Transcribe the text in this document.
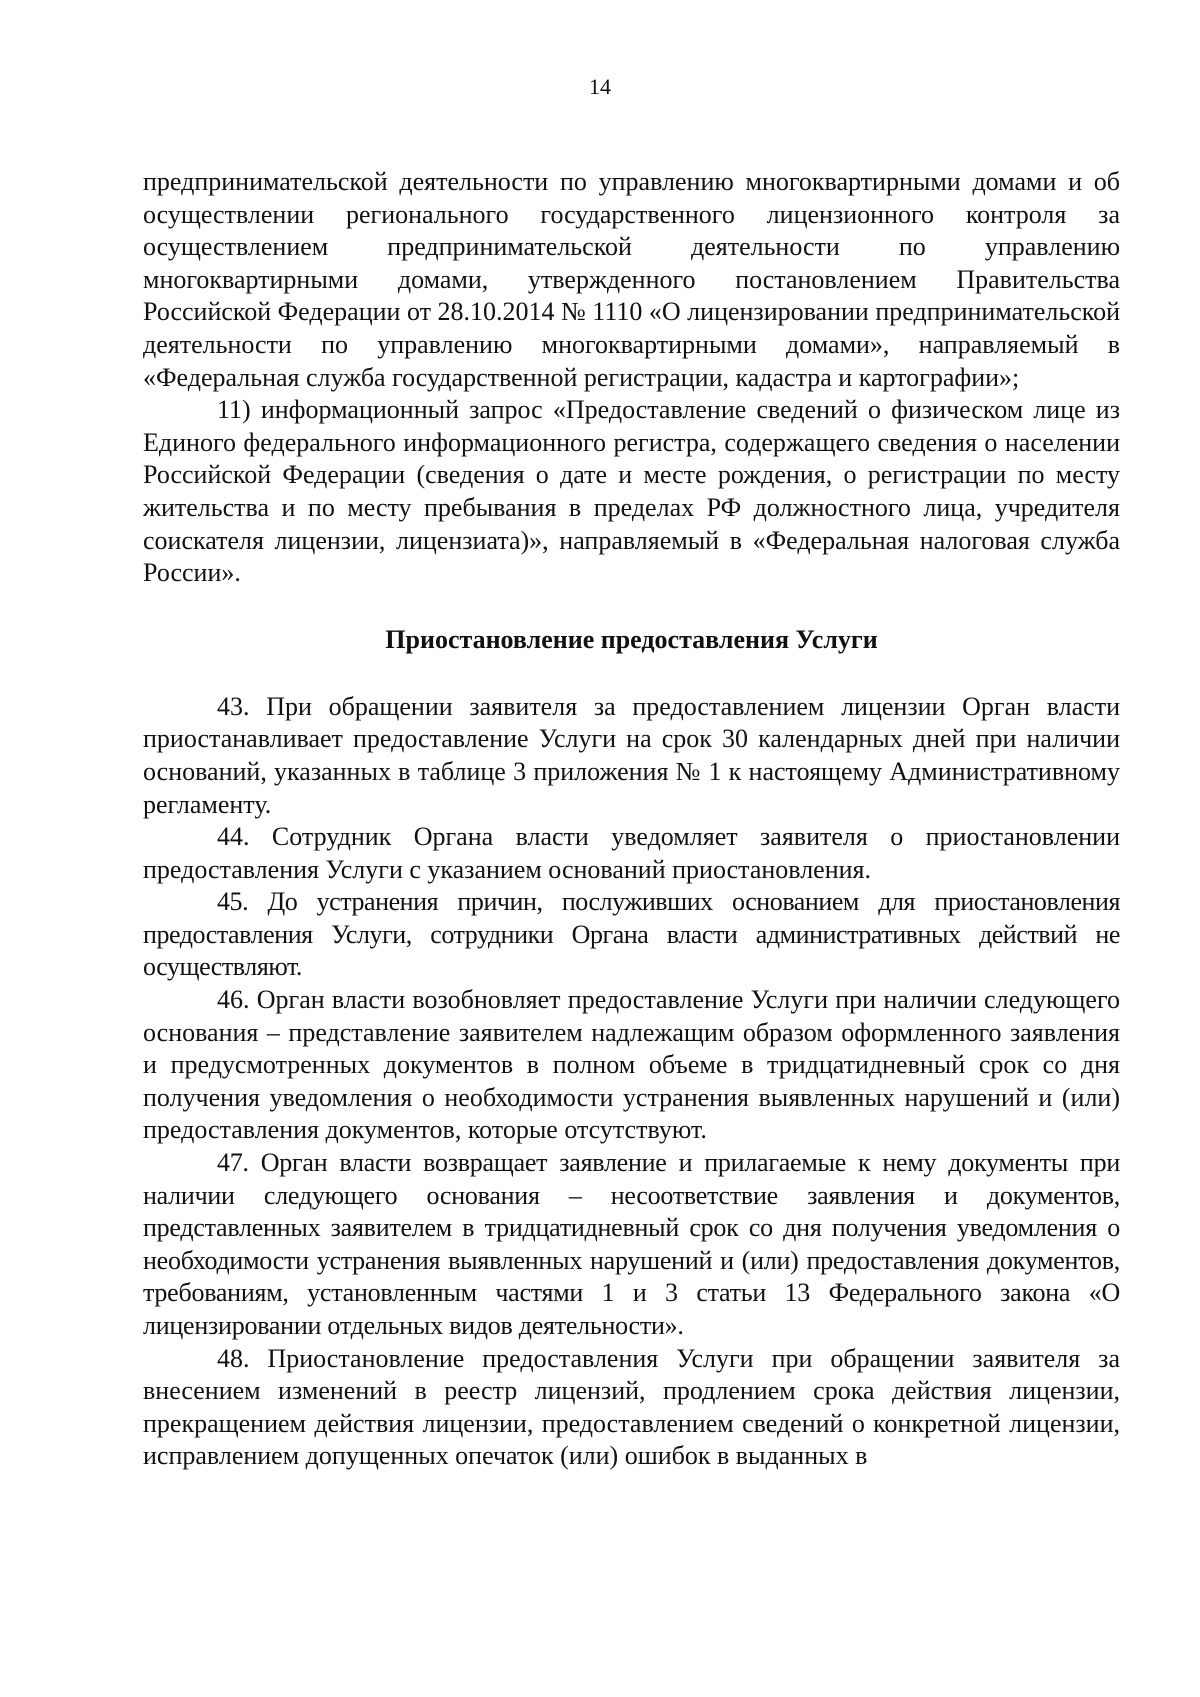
14

предпринимательской деятельности по управлению многоквартирными домами и об осуществлении регионального государственного лицензионного контроля за осуществлением предпринимательской деятельности по управлению многоквартирными домами, утвержденного постановлением Правительства Российской Федерации от 28.10.2014 № 1110 «О лицензировании предпринимательской деятельности по управлению многоквартирными домами», направляемый в «Федеральная служба государственной регистрации, кадастра и картографии»;

11) информационный запрос «Предоставление сведений о физическом лице из Единого федерального информационного регистра, содержащего сведения о населении Российской Федерации (сведения о дате и месте рождения, о регистрации по месту жительства и по месту пребывания в пределах РФ должностного лица, учредителя соискателя лицензии, лицензиата)», направляемый в «Федеральная налоговая служба России».

Приостановление предоставления Услуги

43. При обращении заявителя за предоставлением лицензии Орган власти приостанавливает предоставление Услуги на срок 30 календарных дней при наличии оснований, указанных в таблице 3 приложения № 1 к настоящему Административному регламенту.

44. Сотрудник Органа власти уведомляет заявителя о приостановлении предоставления Услуги с указанием оснований приостановления.

45. До устранения причин, послуживших основанием для приостановления предоставления Услуги, сотрудники Органа власти административных действий не осуществляют.

46. Орган власти возобновляет предоставление Услуги при наличии следующего основания – представление заявителем надлежащим образом оформленного заявления и предусмотренных документов в полном объеме в тридцатидневный срок со дня получения уведомления о необходимости устранения выявленных нарушений и (или) предоставления документов, которые отсутствуют.

47. Орган власти возвращает заявление и прилагаемые к нему документы при наличии следующего основания – несоответствие заявления и документов, представленных заявителем в тридцатидневный срок со дня получения уведомления о необходимости устранения выявленных нарушений и (или) предоставления документов, требованиям, установленным частями 1 и 3 статьи 13 Федерального закона «О лицензировании отдельных видов деятельности».

48. Приостановление предоставления Услуги при обращении заявителя за внесением изменений в реестр лицензий, продлением срока действия лицензии, прекращением действия лицензии, предоставлением сведений о конкретной лицензии, исправлением допущенных опечаток (или) ошибок в выданных в
